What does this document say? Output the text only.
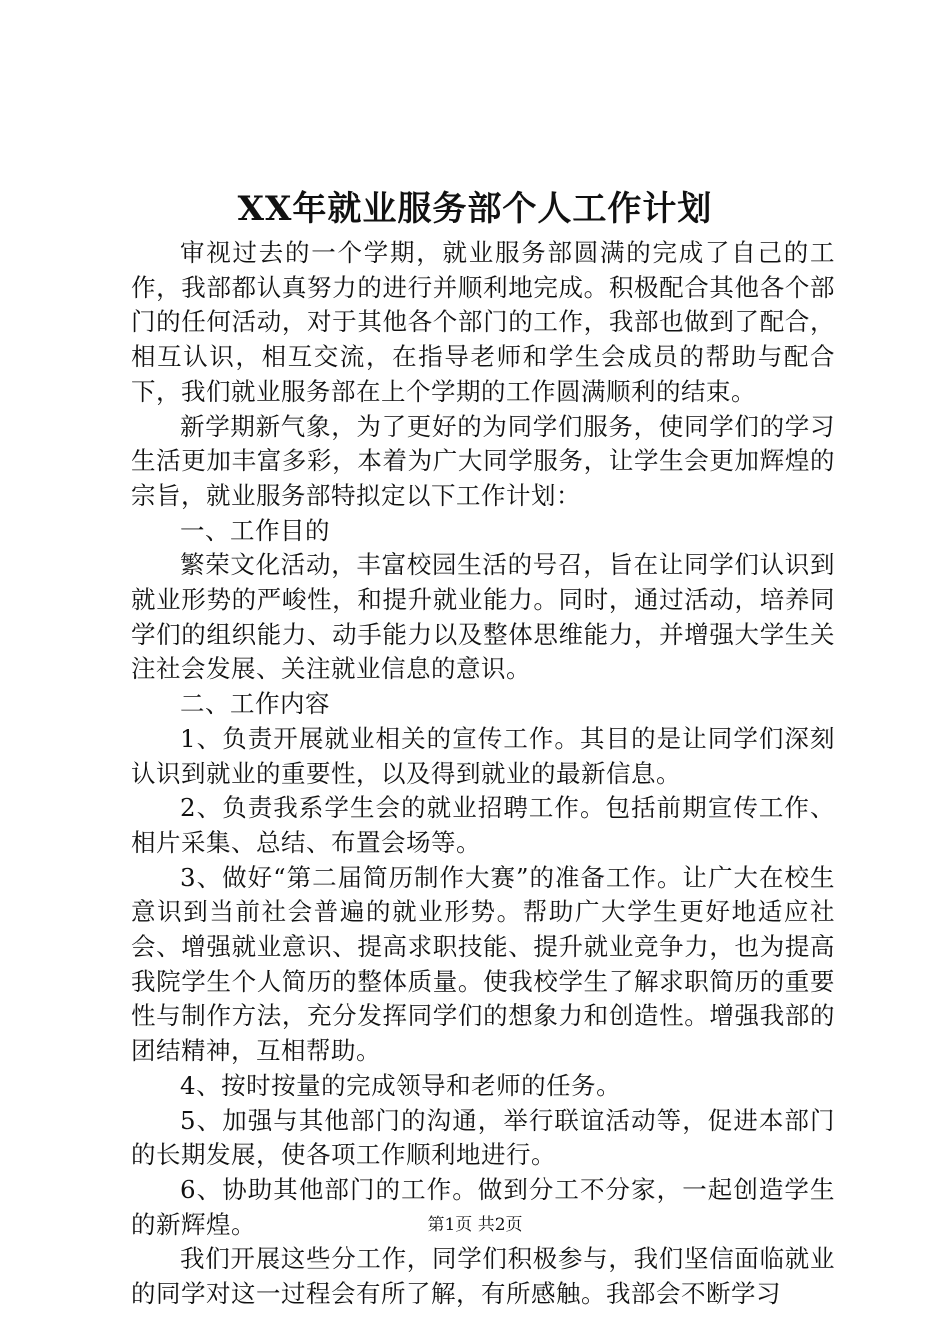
XX年就业服务部个人工作计划

审视过去的一个学期，就业服务部圆满的完成了自己的工作，我部都认真努力的进行并顺利地完成。积极配合其他各个部门的任何活动，对于其他各个部门的工作，我部也做到了配合，相互认识，相互交流，在指导老师和学生会成员的帮助与配合下，我们就业服务部在上个学期的工作圆满顺利的结束。

新学期新气象，为了更好的为同学们服务，使同学们的学习生活更加丰富多彩，本着为广大同学服务，让学生会更加辉煌的宗旨，就业服务部特拟定以下工作计划：

一、工作目的

繁荣文化活动，丰富校园生活的号召，旨在让同学们认识到就业形势的严峻性，和提升就业能力。同时，通过活动，培养同学们的组织能力、动手能力以及整体思维能力，并增强大学生关注社会发展、关注就业信息的意识。

二、工作内容

1、负责开展就业相关的宣传工作。其目的是让同学们深刻认识到就业的重要性，以及得到就业的最新信息。

2、负责我系学生会的就业招聘工作。包括前期宣传工作、相片采集、总结、布置会场等。

3、做好“第二届简历制作大赛”的准备工作。让广大在校生意识到当前社会普遍的就业形势。帮助广大学生更好地适应社会、增强就业意识、提高求职技能、提升就业竞争力，也为提高我院学生个人简历的整体质量。使我校学生了解求职简历的重要性与制作方法，充分发挥同学们的想象力和创造性。增强我部的团结精神，互相帮助。

4、按时按量的完成领导和老师的任务。

5、加强与其他部门的沟通，举行联谊活动等，促进本部门的长期发展，使各项工作顺利地进行。

6、协助其他部门的工作。做到分工不分家，一起创造学生的新辉煌。

我们开展这些分工作，同学们积极参与，我们坚信面临就业的同学对这一过程会有所了解，有所感触。我部会不断学习

第1页 共2页
